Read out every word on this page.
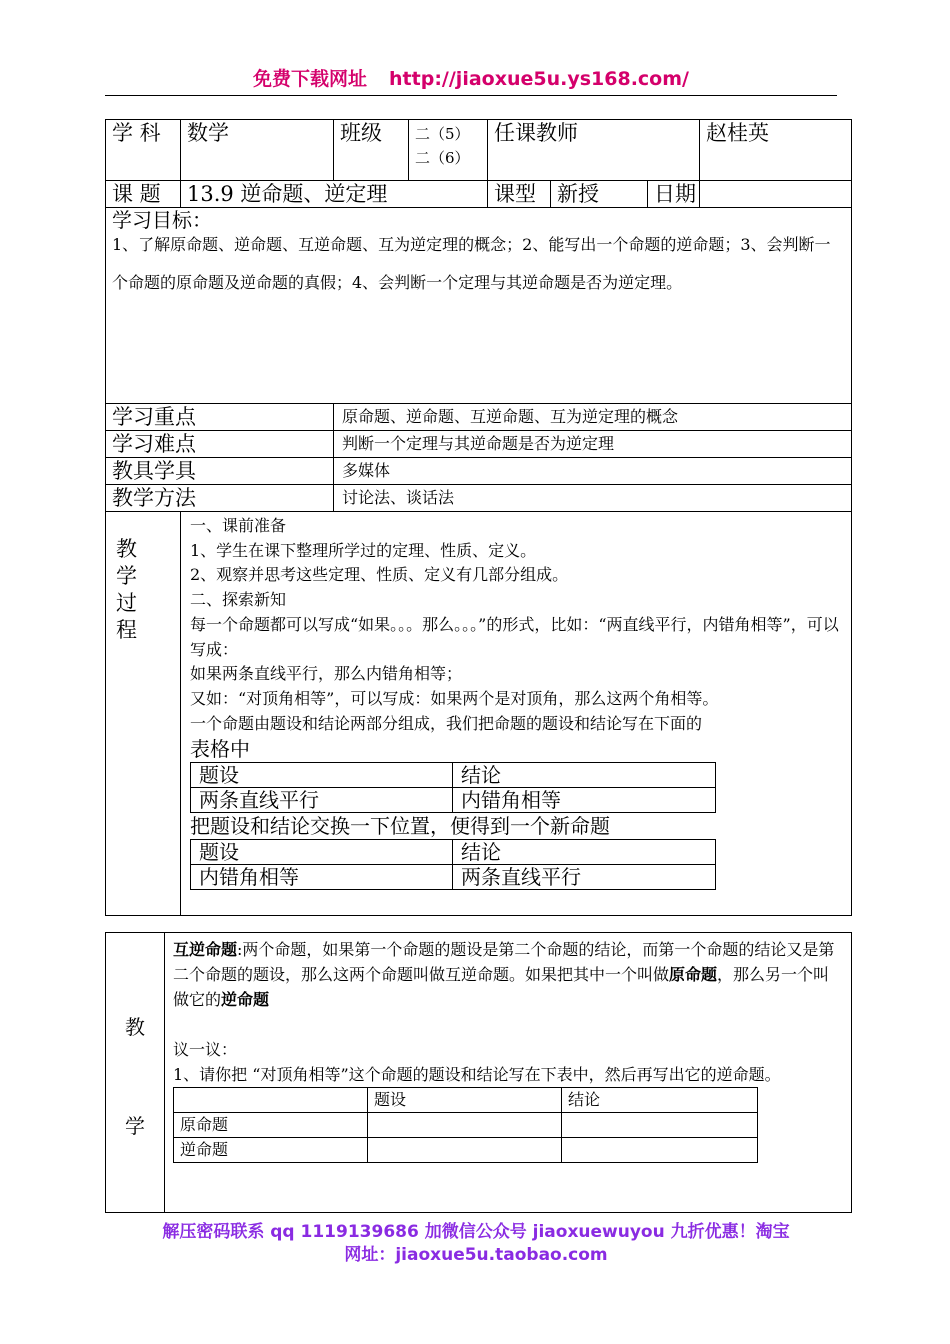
免费下载网址 http://jiaoxue5u.ys168.com/
学 科	数学	班级	二（5）
二（6）
	任课教师	赵桂英
课 题	13.9 逆命题、逆定理	课型	新授	日期	

学习目标：
1、了解原命题、逆命题、互逆命题、互为逆定理的概念；2、能写出一个命题的逆命题；3、会判断一个命题的原命题及逆命题的真假；4、会判断一个定理与其逆命题是否为逆定理。

学习重点	原命题、逆命题、互逆命题、互为逆定理的概念
学习难点	判断一个定理与其逆命题是否为逆定理
教具学具	多媒体
教学方法	讨论法、谈话法

教
学
过
程

一、课前准备

1、学生在课下整理所学过的定理、性质、定义。

2、观察并思考这些定理、性质、定义有几部分组成。

二、探索新知

每一个命题都可以写成“如果。。。那么。。。”的形式，比如：“两直线平行，内错角相等”，可以写成：

如果两条直线平行，那么内错角相等；

又如：“对顶角相等”，可以写成：如果两个是对顶角，那么这两个角相等。

一个命题由题设和结论两部分组成，我们把命题的题设和结论写在下面的

表格中

题设	结论
两条直线平行	内错角相等

把题设和结论交换一下位置，便得到一个新命题

题设	结论
内错角相等	两条直线平行
教
学

互逆命题:两个命题，如果第一个命题的题设是第二个命题的结论，而第一个命题的结论又是第二个命题的题设，那么这两个命题叫做互逆命题。如果把其中一个叫做原命题，那么另一个叫做它的逆命题

议一议：

1、请你把 “对顶角相等”这个命题的题设和结论写在下表中，然后再写出它的逆命题。

	题设	结论
原命题		
逆命题		
解压密码联系 qq 1119139686 加微信公众号 jiaoxuewuyou 九折优惠！淘宝
网址：jiaoxue5u.taobao.com
